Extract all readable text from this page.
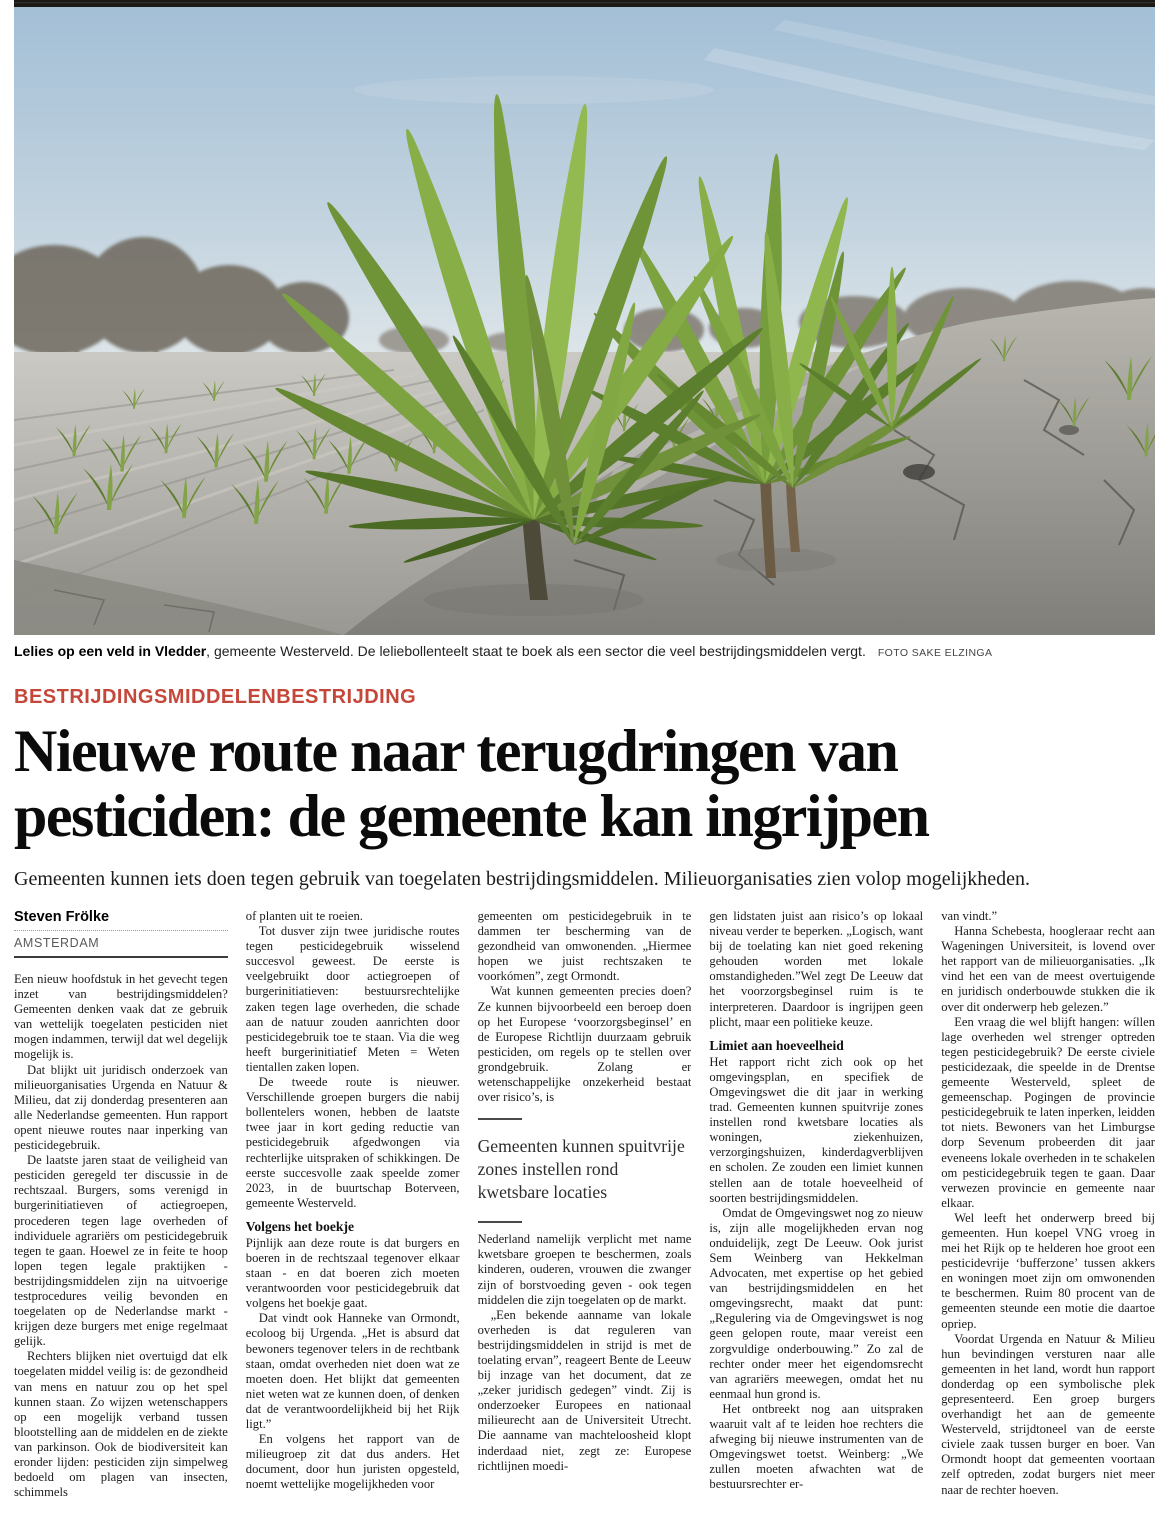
Lelies op een veld in Vledder, gemeente Westerveld. De leliebollenteelt staat te boek als een sector die veel bestrijdingsmiddelen vergt. FOTO SAKE ELZINGA
BESTRIJDINGSMIDDELENBESTRIJDING
Nieuwe route naar terugdringen van
pesticiden: de gemeente kan ingrijpen
Gemeenten kunnen iets doen tegen gebruik van toegelaten bestrijdingsmiddelen. Milieuorganisaties zien volop mogelijkheden.
Steven Frölke
AMSTERDAM

Een nieuw hoofdstuk in het gevecht tegen inzet van bestrijdingsmiddelen? Gemeenten denken vaak dat ze gebruik van wettelijk toegelaten pesticiden niet mogen indammen, terwijl dat wel degelijk mogelijk is.

Dat blijkt uit juridisch onderzoek van milieuorganisaties Urgenda en Natuur & Milieu, dat zij donderdag presenteren aan alle Nederlandse gemeenten. Hun rapport opent nieuwe routes naar inperking van pesticidegebruik.

De laatste jaren staat de veiligheid van pesticiden geregeld ter discussie in de rechtszaal. Burgers, soms verenigd in burgerinitiatieven of actiegroepen, procederen tegen lage overheden of individuele agrariërs om pesticidegebruik tegen te gaan. Hoewel ze in feite te hoop lopen tegen legale praktijken - bestrijdingsmiddelen zijn na uitvoerige testprocedures veilig bevonden en toegelaten op de Nederlandse markt - krijgen deze burgers met enige regelmaat gelijk.

Rechters blijken niet overtuigd dat elk toegelaten middel veilig is: de gezondheid van mens en natuur zou op het spel kunnen staan. Zo wijzen wetenschappers op een mogelijk verband tussen blootstelling aan de middelen en de ziekte van parkinson. Ook de biodiversiteit kan eronder lijden: pesticiden zijn simpelweg bedoeld om plagen van insecten, schimmels

of planten uit te roeien.

Tot dusver zijn twee juridische routes tegen pesticidegebruik wisselend succesvol geweest. De eerste is veelgebruikt door actiegroepen of burgerinitiatieven: bestuursrechtelijke zaken tegen lage overheden, die schade aan de natuur zouden aanrichten door pesticidegebruik toe te staan. Via die weg heeft burgerinitiatief Meten = Weten tientallen zaken lopen.

De tweede route is nieuwer. Verschillende groepen burgers die nabij bollentelers wonen, hebben de laatste twee jaar in kort geding reductie van pesticidegebruik afgedwongen via rechterlijke uitspraken of schikkingen. De eerste succesvolle zaak speelde zomer 2023, in de buurtschap Boterveen, gemeente Westerveld.

Volgens het boekje

Pijnlijk aan deze route is dat burgers en boeren in de rechtszaal tegenover elkaar staan - en dat boeren zich moeten verantwoorden voor pesticidegebruik dat volgens het boekje gaat.

Dat vindt ook Hanneke van Ormondt, ecoloog bij Urgenda. „Het is absurd dat bewoners tegenover telers in de rechtbank staan, omdat overheden niet doen wat ze moeten doen. Het blijkt dat gemeenten niet weten wat ze kunnen doen, of denken dat de verantwoordelijkheid bij het Rijk ligt.”

En volgens het rapport van de milieugroep zit dat dus anders. Het document, door hun juristen opgesteld, noemt wettelijke mogelijkheden voor

gemeenten om pesticidegebruik in te dammen ter bescherming van de gezondheid van omwonenden. „Hiermee hopen we juist rechtszaken te voorkómen”, zegt Ormondt.

Wat kunnen gemeenten precies doen? Ze kunnen bijvoorbeeld een beroep doen op het Europese ‘voorzorgsbeginsel’ en de Europese Richtlijn duurzaam gebruik pesticiden, om regels op te stellen over grondgebruik. Zolang er wetenschappelijke onzekerheid bestaat over risico’s, is

Gemeenten kunnen spuitvrije zones instellen rond kwetsbare locaties

Nederland namelijk verplicht met name kwetsbare groepen te beschermen, zoals kinderen, ouderen, vrouwen die zwanger zijn of borstvoeding geven - ook tegen middelen die zijn toegelaten op de markt.

„Een bekende aanname van lokale overheden is dat reguleren van bestrijdingsmiddelen in strijd is met de toelating ervan”, reageert Bente de Leeuw bij inzage van het document, dat ze „zeker juridisch gedegen” vindt. Zij is onderzoeker Europees en nationaal milieurecht aan de Universiteit Utrecht. Die aanname van machteloosheid klopt inderdaad niet, zegt ze: Europese richtlijnen moedi-

gen lidstaten juist aan risico’s op lokaal niveau verder te beperken. „Logisch, want bij de toelating kan niet goed rekening gehouden worden met lokale omstandigheden.”Wel zegt De Leeuw dat het voorzorgsbeginsel ruim is te interpreteren. Daardoor is ingrijpen geen plicht, maar een politieke keuze.

Limiet aan hoeveelheid

Het rapport richt zich ook op het omgevingsplan, en specifiek de Omgevingswet die dit jaar in werking trad. Gemeenten kunnen spuitvrije zones instellen rond kwetsbare locaties als woningen, ziekenhuizen, verzorgingshuizen, kinderdagverblijven en scholen. Ze zouden een limiet kunnen stellen aan de totale hoeveelheid of soorten bestrijdingsmiddelen.

Omdat de Omgevingswet nog zo nieuw is, zijn alle mogelijkheden ervan nog onduidelijk, zegt De Leeuw. Ook jurist Sem Weinberg van Hekkelman Advocaten, met expertise op het gebied van bestrijdingsmiddelen en het omgevingsrecht, maakt dat punt: „Regulering via de Omgevingswet is nog geen gelopen route, maar vereist een zorgvuldige onderbouwing.” Zo zal de rechter onder meer het eigendomsrecht van agrariërs meewegen, omdat het nu eenmaal hun grond is.

Het ontbreekt nog aan uitspraken waaruit valt af te leiden hoe rechters die afweging bij nieuwe instrumenten van de Omgevingswet toetst. Weinberg: „We zullen moeten afwachten wat de bestuursrechter er-

van vindt.”

Hanna Schebesta, hoogleraar recht aan Wageningen Universiteit, is lovend over het rapport van de milieuorganisaties. „Ik vind het een van de meest overtuigende en juridisch onderbouwde stukken die ik over dit onderwerp heb gelezen.”

Een vraag die wel blijft hangen: wíllen lage overheden wel strenger optreden tegen pesticidegebruik? De eerste civiele pesticidezaak, die speelde in de Drentse gemeente Westerveld, spleet de gemeenschap. Pogingen de provincie pesticidegebruik te laten inperken, leidden tot niets. Bewoners van het Limburgse dorp Sevenum probeerden dit jaar eveneens lokale overheden in te schakelen om pesticidegebruik tegen te gaan. Daar verwezen provincie en gemeente naar elkaar.

Wel leeft het onderwerp breed bij gemeenten. Hun koepel VNG vroeg in mei het Rijk op te helderen hoe groot een pesticidevrije ‘bufferzone’ tussen akkers en woningen moet zijn om omwonenden te beschermen. Ruim 80 procent van de gemeenten steunde een motie die daartoe opriep.

Voordat Urgenda en Natuur & Milieu hun bevindingen versturen naar alle gemeenten in het land, wordt hun rapport donderdag op een symbolische plek gepresenteerd. Een groep burgers overhandigt het aan de gemeente Westerveld, strijdtoneel van de eerste civiele zaak tussen burger en boer. Van Ormondt hoopt dat gemeenten voortaan zelf optreden, zodat burgers niet meer naar de rechter hoeven.
